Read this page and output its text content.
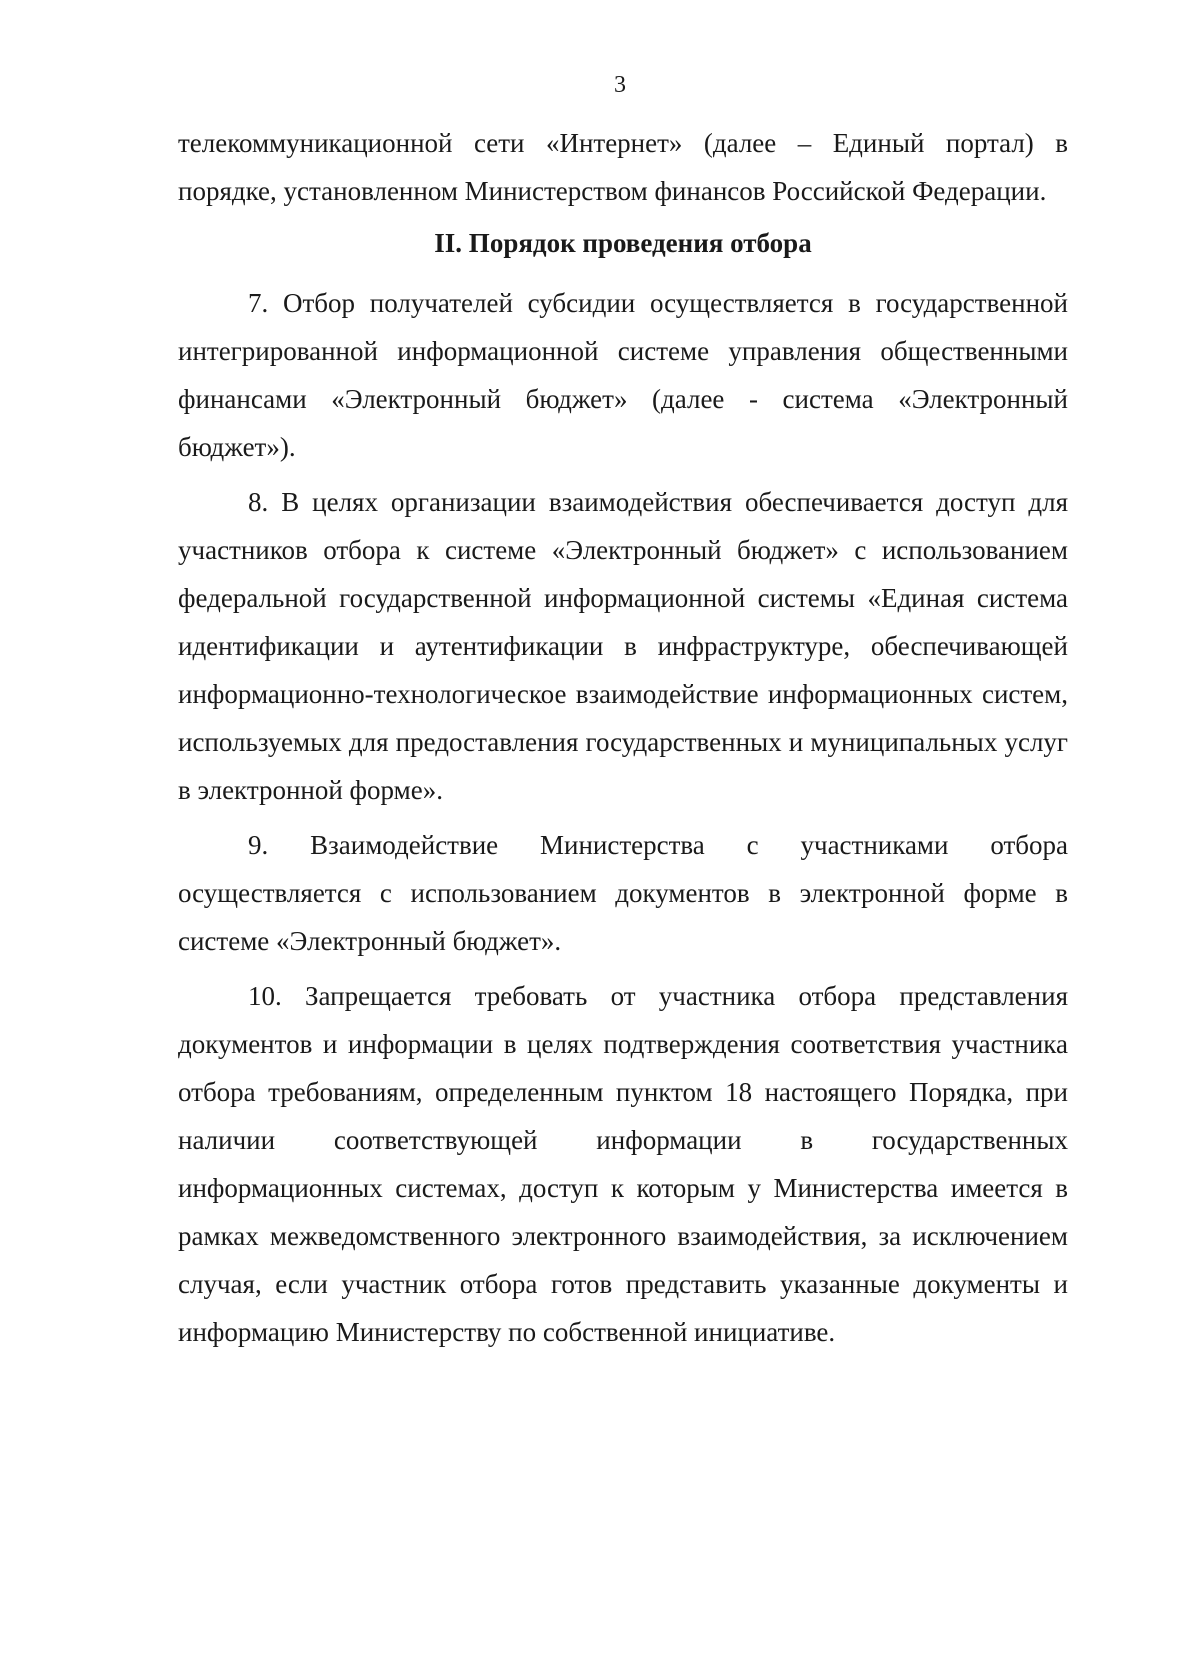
3

телекоммуникационной сети «Интернет» (далее – Единый портал) в порядке, установленном Министерством финансов Российской Федерации.

II. Порядок проведения отбора

7. Отбор получателей субсидии осуществляется в государственной интегрированной информационной системе управления общественными финансами «Электронный бюджет» (далее - система «Электронный бюджет»).

8. В целях организации взаимодействия обеспечивается доступ для участников отбора к системе «Электронный бюджет» с использованием федеральной государственной информационной системы «Единая система идентификации и аутентификации в инфраструктуре, обеспечивающей информационно-технологическое взаимодействие информационных систем, используемых для предоставления государственных и муниципальных услуг в электронной форме».

9. Взаимодействие Министерства с участниками отбора осуществляется с использованием документов в электронной форме в системе «Электронный бюджет».

10. Запрещается требовать от участника отбора представления документов и информации в целях подтверждения соответствия участника отбора требованиям, определенным пунктом 18 настоящего Порядка, при наличии соответствующей информации в государственных информационных системах, доступ к которым у Министерства имеется в рамках межведомственного электронного взаимодействия, за исключением случая, если участник отбора готов представить указанные документы и информацию Министерству по собственной инициативе.
